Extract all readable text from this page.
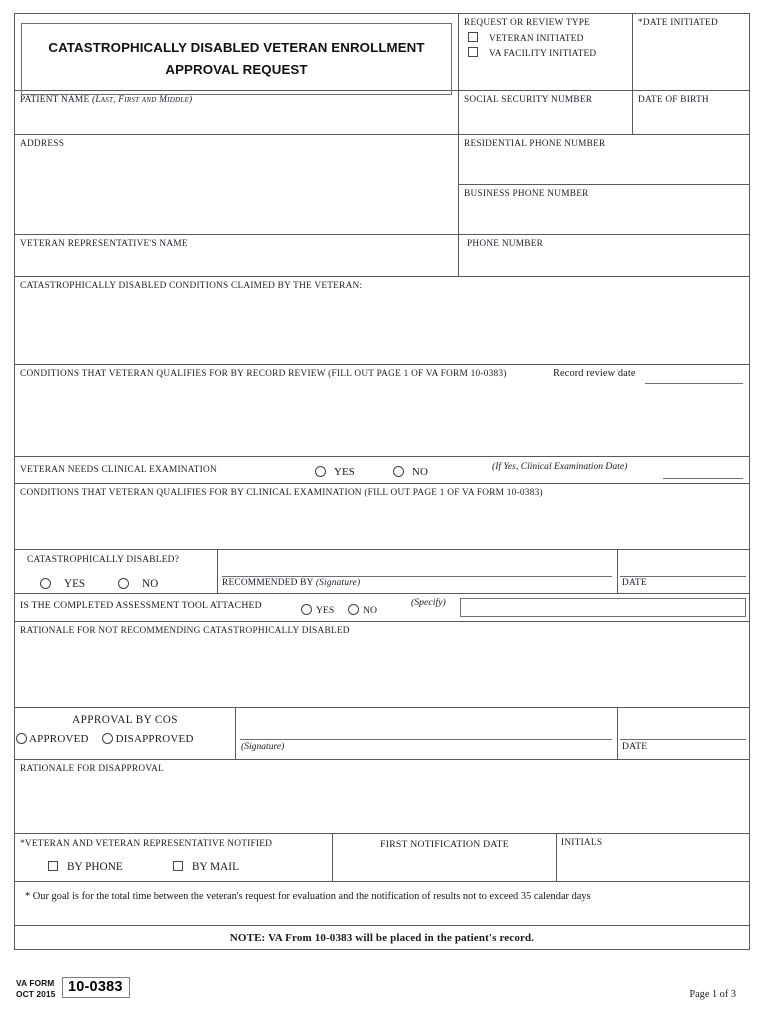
CATASTROPHICALLY DISABLED VETERAN ENROLLMENT
APPROVAL REQUEST
REQUEST OR REVIEW TYPE
VETERAN INITIATED
VA FACILITY INITIATED
*DATE INITIATED
PATIENT NAME (Last, First and Middle)	SOCIAL SECURITY NUMBER	DATE OF BIRTH
ADDRESS	RESIDENTIAL PHONE NUMBER
BUSINESS PHONE NUMBER
VETERAN REPRESENTATIVE'S NAME	PHONE NUMBER
CATASTROPHICALLY DISABLED CONDITIONS CLAIMED BY THE VETERAN:
CONDITIONS THAT VETERAN QUALIFIES FOR BY RECORD REVIEW (FILL OUT PAGE 1 OF VA FORM 10-0383)	Record review date
VETERAN NEEDS CLINICAL EXAMINATION	YES	NO	(If Yes, Clinical Examination Date)
CONDITIONS THAT VETERAN QUALIFIES FOR BY CLINICAL EXAMINATION (FILL OUT PAGE 1 OF VA FORM 10-0383)
CATASTROPHICALLY DISABLED?
YES	NO	RECOMMENDED BY (Signature)	DATE
IS THE COMPLETED ASSESSMENT TOOL ATTACHED	YES	NO
(Specify)
RATIONALE FOR NOT RECOMMENDING CATASTROPHICALLY DISABLED
APPROVAL BY COS
APPROVED DISAPPROVED
(Signature)	DATE
RATIONALE FOR DISAPPROVAL
*VETERAN AND VETERAN REPRESENTATIVE NOTIFIED
BY PHONE	BY MAIL
FIRST NOTIFICATION DATE	INITIALS
* Our goal is for the total time between the veteran's request for evaluation and the notification of results not to exceed 35 calendar days
NOTE: VA From 10-0383 will be placed in the patient's record.
VA FORM
OCT 2015 10-0383	Page 1 of 3
